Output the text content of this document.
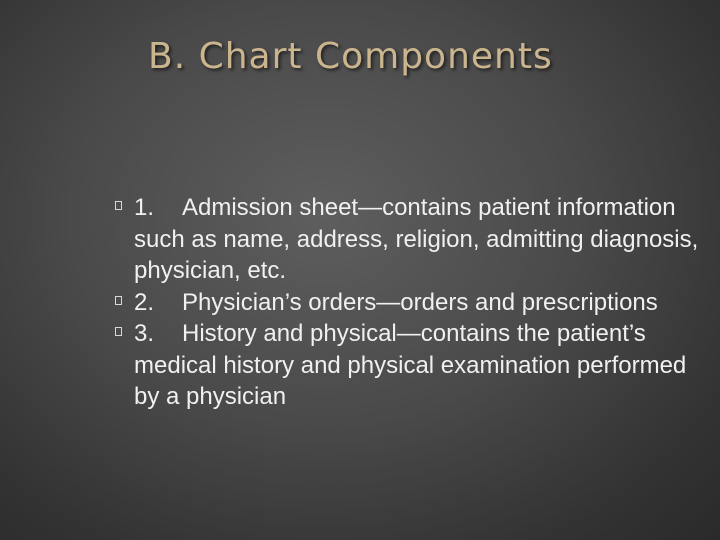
B. Chart Components
1. Admission sheet—contains patient information such as name, address, religion, admitting diagnosis, physician, etc.
2. Physician’s orders—orders and prescriptions
3. History and physical—contains the patient’s medical history and physical examination performed by a physician
